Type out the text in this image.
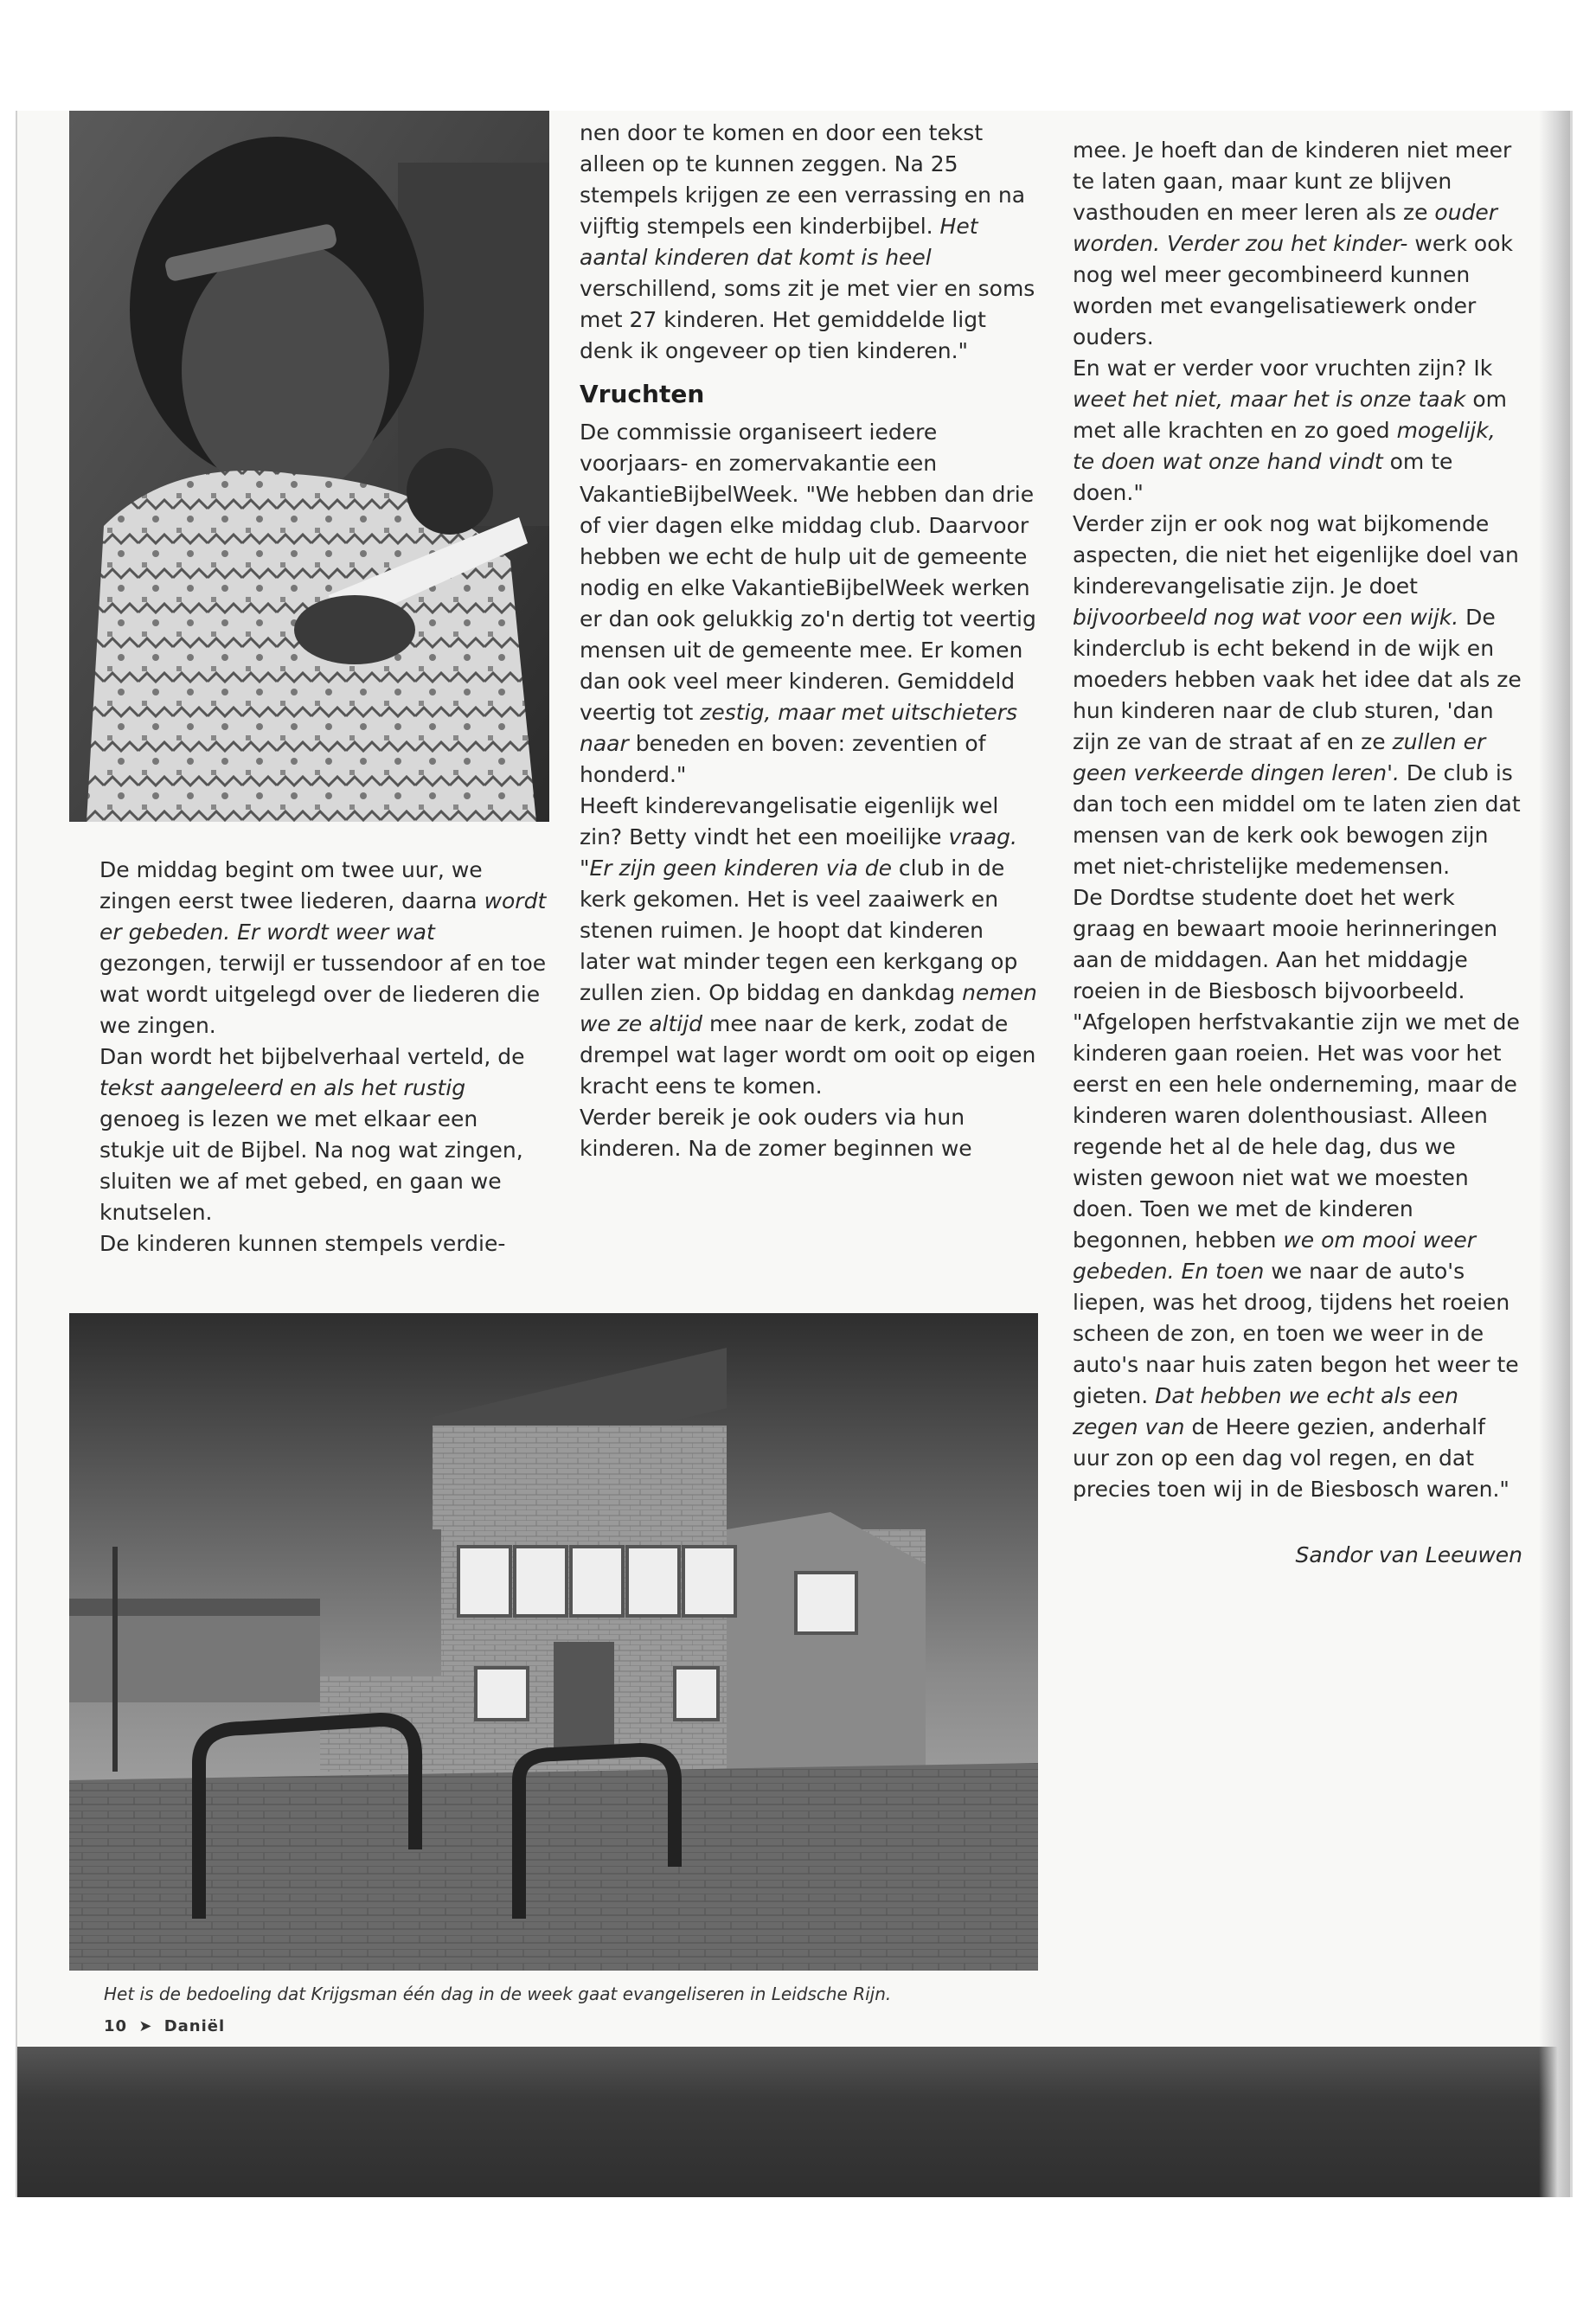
De middag begint om twee uur, we zingen eerst twee liederen, daarna wordt er gebeden. Er wordt weer wat gezongen, terwijl er tussendoor af en toe wat wordt uitgelegd over de liederen die we zingen.

Dan wordt het bijbelverhaal verteld, de tekst aangeleerd en als het rustig genoeg is lezen we met elkaar een stukje uit de Bijbel. Na nog wat zingen, sluiten we af met gebed, en gaan we knutselen.

De kinderen kunnen stempels verdie-

nen door te komen en door een tekst alleen op te kunnen zeggen. Na 25 stempels krijgen ze een verrassing en na vijftig stempels een kinderbijbel. Het aantal kinderen dat komt is heel verschillend, soms zit je met vier en soms met 27 kinderen. Het gemiddelde ligt denk ik ongeveer op tien kinderen."

Vruchten

De commissie organiseert iedere voorjaars- en zomervakantie een VakantieBijbelWeek. "We hebben dan drie of vier dagen elke middag club. Daarvoor hebben we echt de hulp uit de gemeente nodig en elke VakantieBijbelWeek werken er dan ook gelukkig zo'n dertig tot veertig mensen uit de gemeente mee. Er komen dan ook veel meer kinderen. Gemiddeld veertig tot zestig, maar met uitschieters naar beneden en boven: zeventien of honderd."

Heeft kinderevangelisatie eigenlijk wel zin? Betty vindt het een moeilijke vraag. "Er zijn geen kinderen via de club in de kerk gekomen. Het is veel zaaiwerk en stenen ruimen. Je hoopt dat kinderen later wat minder tegen een kerkgang op zullen zien. Op biddag en dankdag nemen we ze altijd mee naar de kerk, zodat de drempel wat lager wordt om ooit op eigen kracht eens te komen.

Verder bereik je ook ouders via hun kinderen. Na de zomer beginnen we

mee. Je hoeft dan de kinderen niet meer te laten gaan, maar kunt ze blijven vasthouden en meer leren als ze ouder worden. Verder zou het kinder- werk ook nog wel meer gecombineerd kunnen worden met evangelisatiewerk onder ouders.

En wat er verder voor vruchten zijn? Ik weet het niet, maar het is onze taak om met alle krachten en zo goed mogelijk, te doen wat onze hand vindt om te doen."

Verder zijn er ook nog wat bijkomende aspecten, die niet het eigenlijke doel van kinderevangelisatie zijn. Je doet bijvoorbeeld nog wat voor een wijk. De kinderclub is echt bekend in de wijk en moeders hebben vaak het idee dat als ze hun kinderen naar de club sturen, 'dan zijn ze van de straat af en ze zullen er geen verkeerde dingen leren'. De club is dan toch een middel om te laten zien dat mensen van de kerk ook bewogen zijn met niet-christelijke medemensen.

De Dordtse studente doet het werk graag en bewaart mooie herinneringen aan de middagen. Aan het middagje roeien in de Biesbosch bijvoorbeeld. "Afgelopen herfstvakantie zijn we met de kinderen gaan roeien. Het was voor het eerst en een hele onderneming, maar de kinderen waren dolenthousiast. Alleen regende het al de hele dag, dus we wisten gewoon niet wat we moesten doen. Toen we met de kinderen begonnen, hebben we om mooi weer gebeden. En toen we naar de auto's liepen, was het droog, tijdens het roeien scheen de zon, en toen we weer in de auto's naar huis zaten begon het weer te gieten. Dat hebben we echt als een zegen van de Heere gezien, anderhalf uur zon op een dag vol regen, en dat precies toen wij in de Biesbosch waren."

Sandor van Leeuwen

Het is de bedoeling dat Krijgsman één dag in de week gaat evangeliseren in Leidsche Rijn.
10 ➤ Daniël
